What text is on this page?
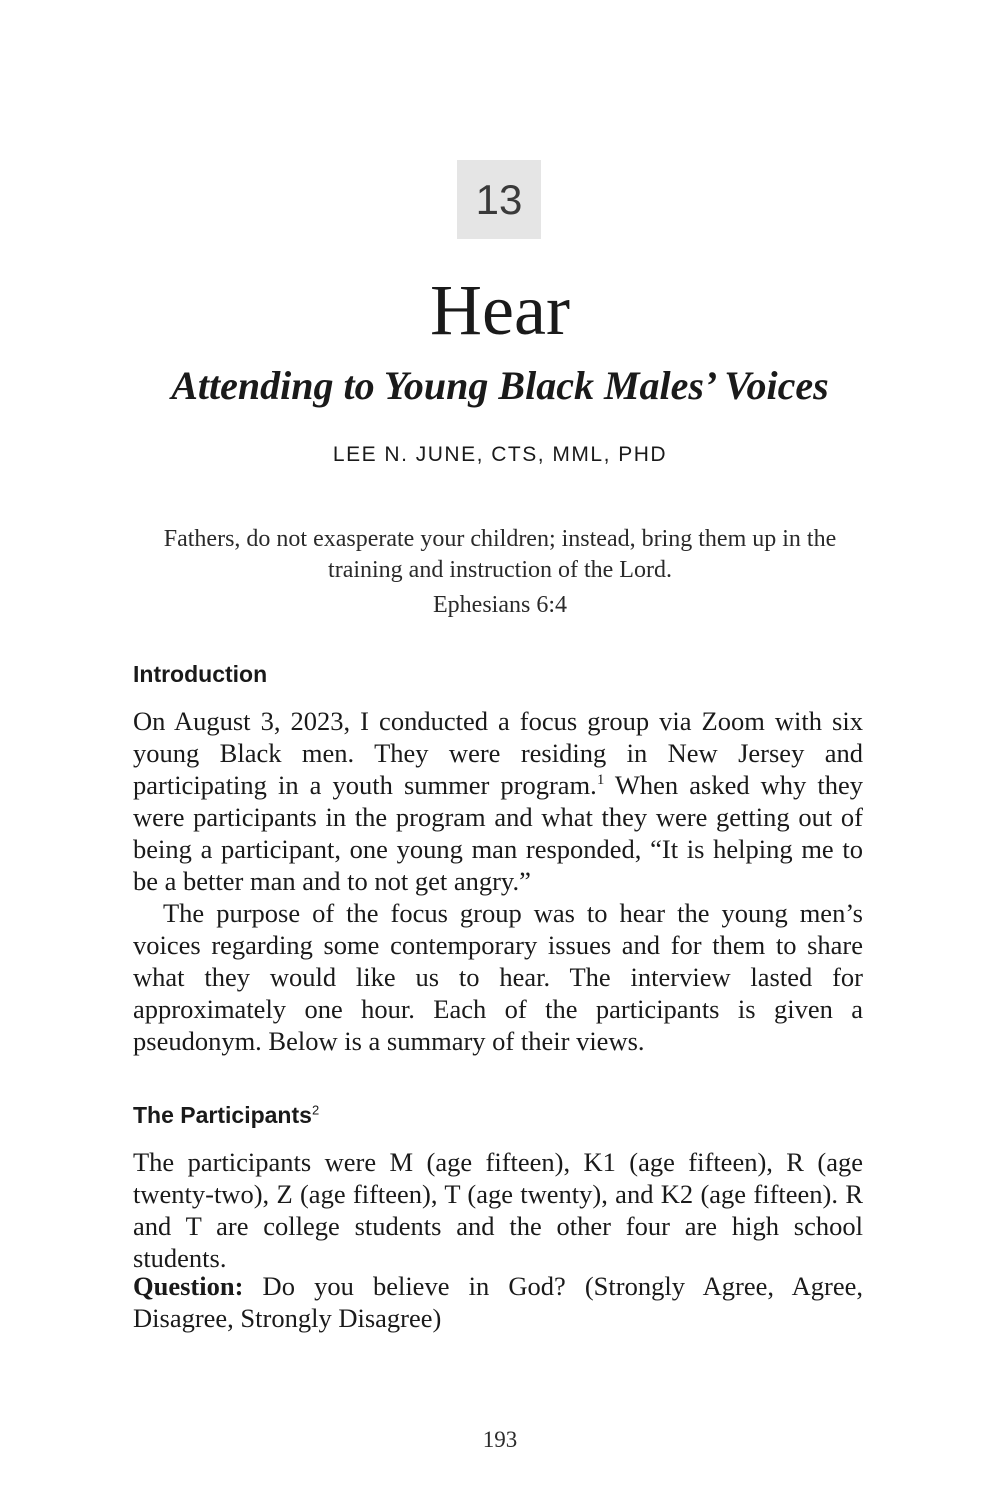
13
Hear
Attending to Young Black Males’ Voices
LEE N. JUNE, CTS, MML, PHD

Fathers, do not exasperate your children; instead, bring them up in the training and instruction of the Lord.

Ephesians 6:4

Introduction

On August 3, 2023, I conducted a focus group via Zoom with six young Black men. They were residing in New Jersey and participating in a youth summer program.$^1$ When asked why they were participants in the program and what they were getting out of being a participant, one young man responded, “It is helping me to be a better man and to not get angry.”

The purpose of the focus group was to hear the young men’s voices regarding some contemporary issues and for them to share what they would like us to hear. The interview lasted for approximately one hour. Each of the participants is given a pseudonym. Below is a summary of their views.

The Participants$^2$

The participants were M (age fifteen), K1 (age fifteen), R (age twenty-two), Z (age fifteen), T (age twenty), and K2 (age fifteen). R and T are college students and the other four are high school students.

Question: Do you believe in God? (Strongly Agree, Agree, Disagree, Strongly Disagree)

193
